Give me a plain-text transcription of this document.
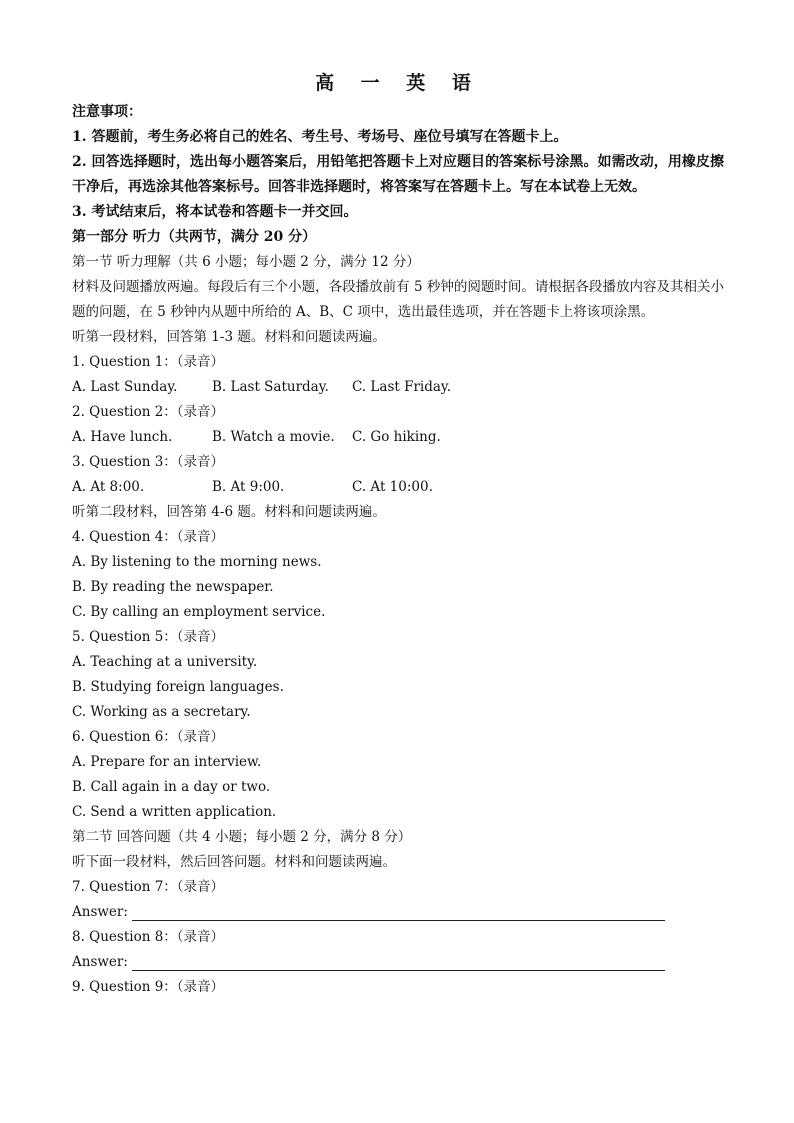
高 一 英 语
注意事项：
1. 答题前，考生务必将自己的姓名、考生号、考场号、座位号填写在答题卡上。
2. 回答选择题时，选出每小题答案后，用铅笔把答题卡上对应题目的答案标号涂黑。如需改动，用橡皮擦干净后，再选涂其他答案标号。回答非选择题时，将答案写在答题卡上。写在本试卷上无效。
3. 考试结束后，将本试卷和答题卡一并交回。
第一部分 听力（共两节，满分 20 分）
第一节 听力理解（共 6 小题；每小题 2 分，满分 12 分）
材料及问题播放两遍。每段后有三个小题，各段播放前有 5 秒钟的阅题时间。请根据各段播放内容及其相关小题的问题，在 5 秒钟内从题中所给的 A、B、C 项中，选出最佳选项，并在答题卡上将该项涂黑。
听第一段材料，回答第 1-3 题。材料和问题读两遍。
1. Question 1：（录音）
A. Last Sunday.	B. Last Saturday.	C. Last Friday.
2. Question 2：（录音）
A. Have lunch.	B. Watch a movie.	C. Go hiking.
3. Question 3：（录音）
A. At 8:00.	B. At 9:00.	C. At 10:00.
听第二段材料，回答第 4-6 题。材料和问题读两遍。
4. Question 4：（录音）
A. By listening to the morning news.
B. By reading the newspaper.
C. By calling an employment service.
5. Question 5：（录音）
A. Teaching at a university.
B. Studying foreign languages.
C. Working as a secretary.
6. Question 6：（录音）
A. Prepare for an interview.
B. Call again in a day or two.
C. Send a written application.
第二节 回答问题（共 4 小题；每小题 2 分，满分 8 分）
听下面一段材料，然后回答问题。材料和问题读两遍。
7. Question 7：（录音）
Answer:
8. Question 8：（录音）
Answer:
9. Question 9：（录音）
